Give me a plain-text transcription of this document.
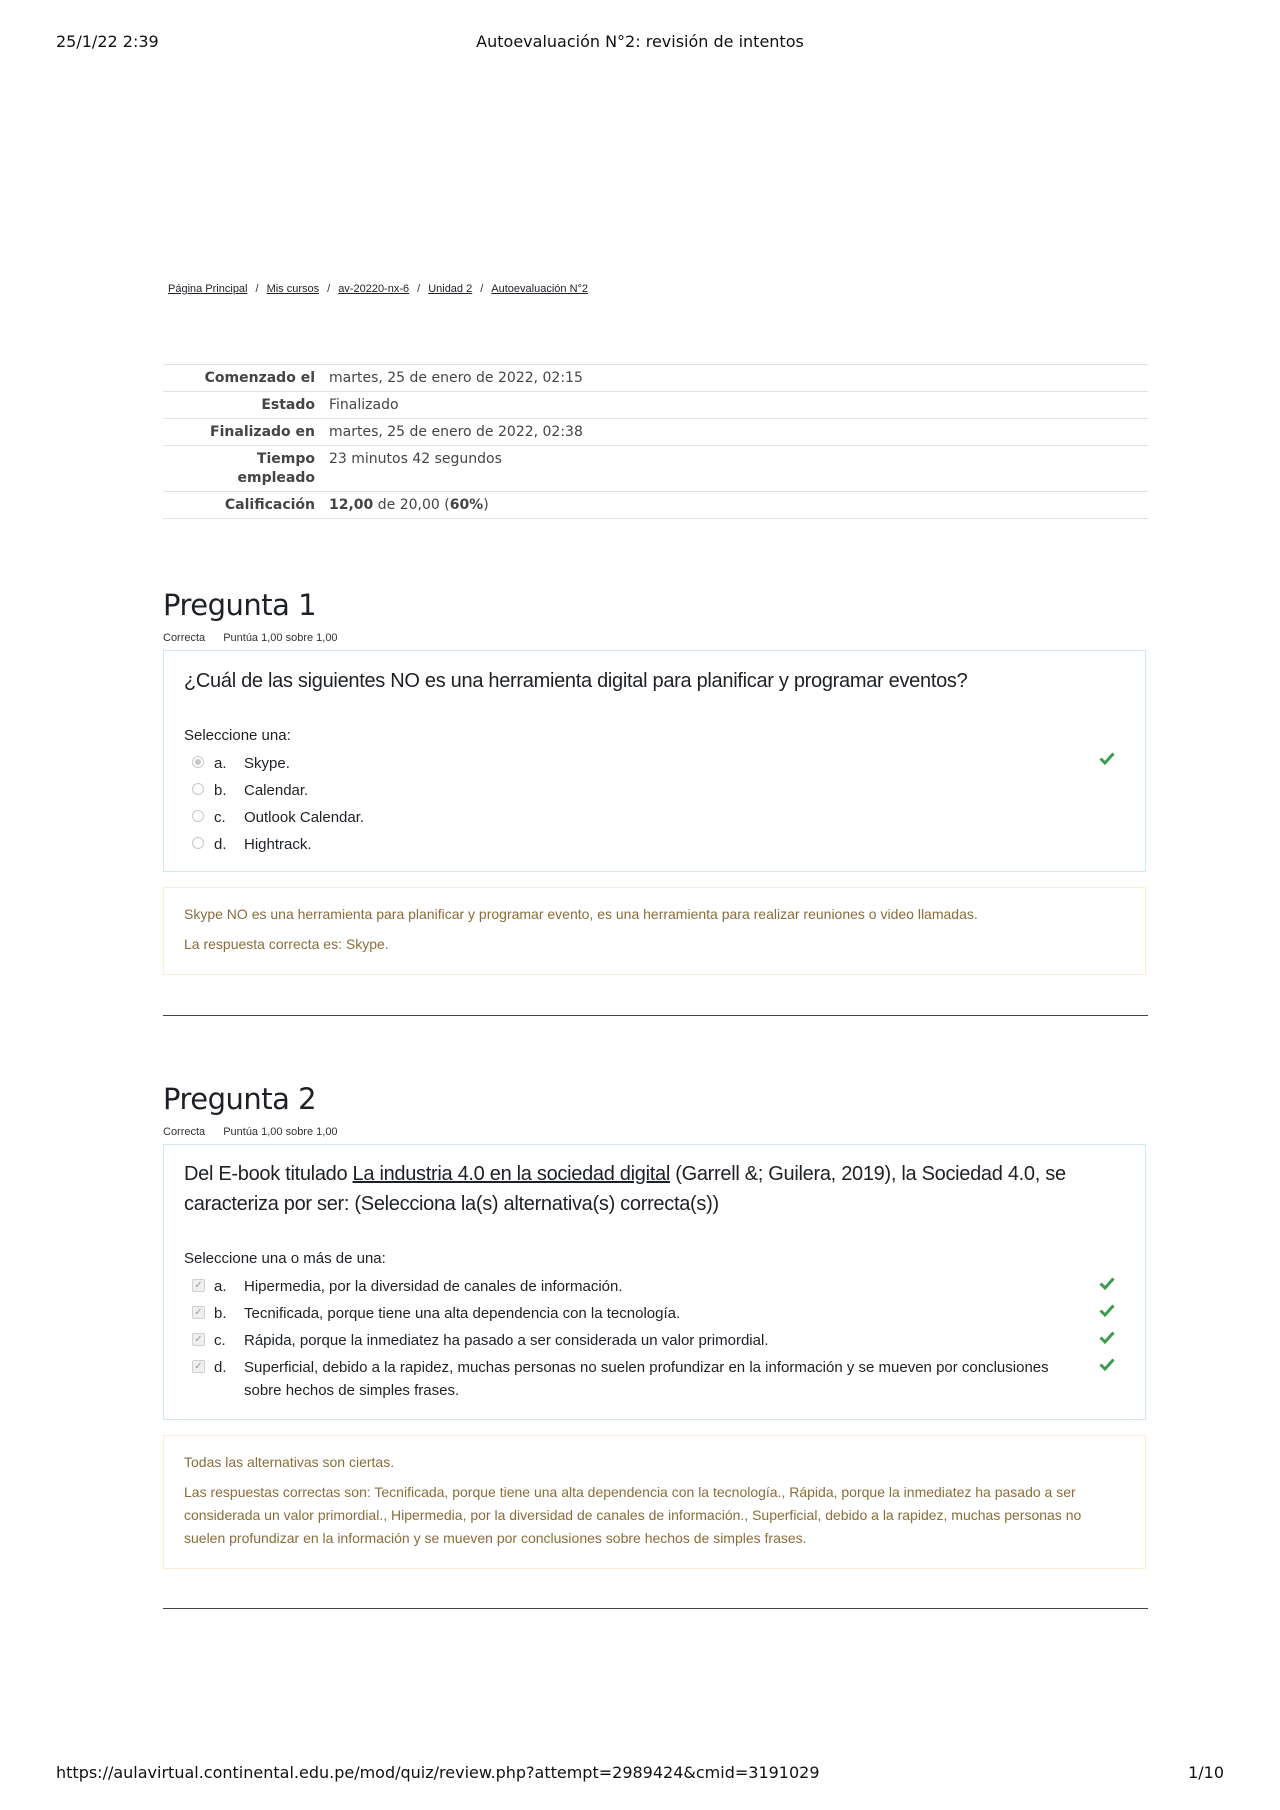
25/1/22 2:39	Autoevaluación N°2: revisión de intentos
Página Principal / Mis cursos / av-20220-nx-6 / Unidad 2 / Autoevaluación N°2
Comenzado el	martes, 25 de enero de 2022, 02:15
Estado	Finalizado
Finalizado en	martes, 25 de enero de 2022, 02:38
Tiempo
empleado	23 minutos 42 segundos
Calificación	12,00 de 20,00 (60%)
Pregunta 1
Correcta Puntúa 1,00 sobre 1,00
¿Cuál de las siguientes NO es una herramienta digital para planificar y programar eventos?
Seleccione una:
a. Skype.
b. Calendar.
c. Outlook Calendar.
d. Hightrack.

Skype NO es una herramienta para planificar y programar evento, es una herramienta para realizar reuniones o video llamadas.

La respuesta correcta es: Skype.

Pregunta 2
Correcta Puntúa 1,00 sobre 1,00
Del E-book titulado La industria 4.0 en la sociedad digital (Garrell &; Guilera, 2019), la Sociedad 4.0, se caracteriza por ser: (Selecciona la(s) alternativa(s) correcta(s))
Seleccione una o más de una:
✓ a. Hipermedia, por la diversidad de canales de información.
✓ b. Tecnificada, porque tiene una alta dependencia con la tecnología.
✓ c. Rápida, porque la inmediatez ha pasado a ser considerada un valor primordial.
✓ d. Superficial, debido a la rapidez, muchas personas no suelen profundizar en la información y se mueven por conclusiones sobre hechos de simples frases.

Todas las alternativas son ciertas.

Las respuestas correctas son: Tecnificada, porque tiene una alta dependencia con la tecnología., Rápida, porque la inmediatez ha pasado a ser considerada un valor primordial., Hipermedia, por la diversidad de canales de información., Superficial, debido a la rapidez, muchas personas no suelen profundizar en la información y se mueven por conclusiones sobre hechos de simples frases.

https://aulavirtual.continental.edu.pe/mod/quiz/review.php?attempt=2989424&cmid=3191029	1/10
